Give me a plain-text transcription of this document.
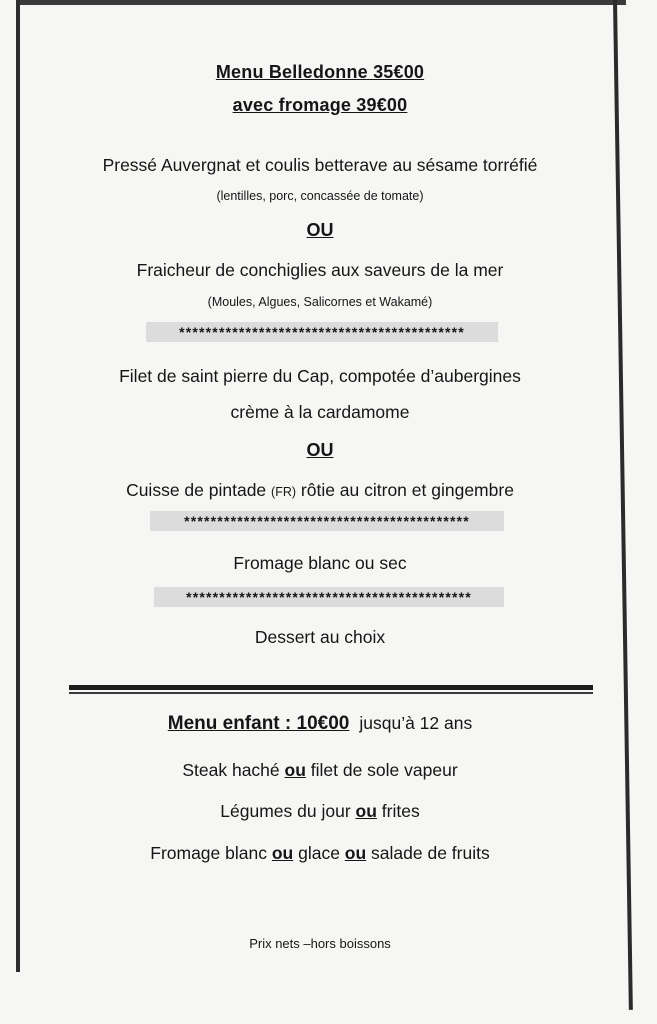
Menu Belledonne 35€00
avec fromage 39€00
Pressé Auvergnat et coulis betterave au sésame torréfié
(lentilles, porc, concassée de tomate)
OU
Fraicheur de conchiglies aux saveurs de la mer
(Moules, Algues, Salicornes et Wakamé)
*******************************************
Filet de saint pierre du Cap, compotée d’aubergines
crème à la cardamome
OU
Cuisse de pintade (FR) rôtie au citron et gingembre
*******************************************
Fromage blanc ou sec
*******************************************
Dessert au choix
Menu enfant : 10€00 jusqu’à 12 ans
Steak haché ou filet de sole vapeur
Légumes du jour ou frites
Fromage blanc ou glace ou salade de fruits
Prix nets –hors boissons
